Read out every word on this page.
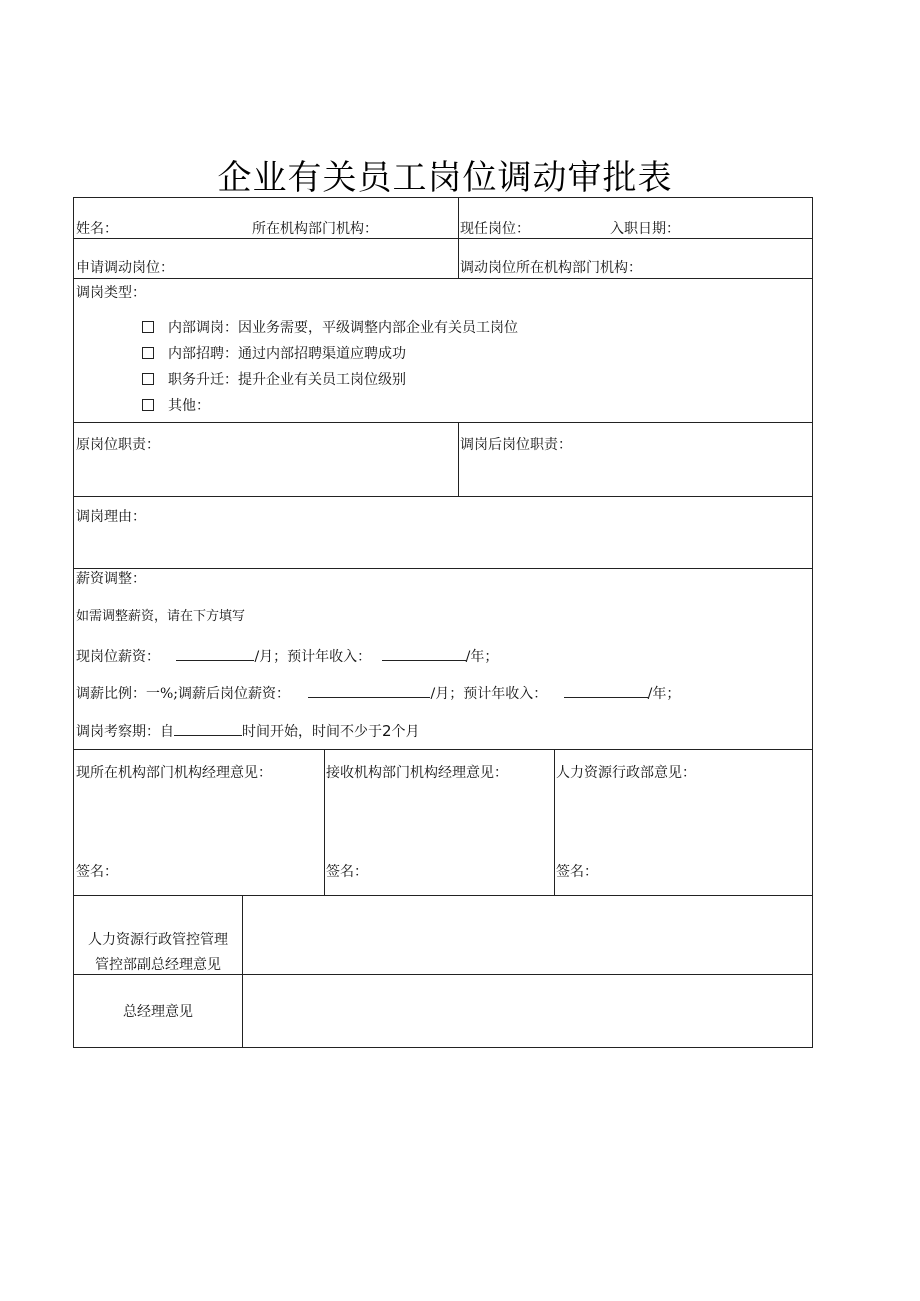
企业有关员工岗位调动审批表
姓名：	所在机构部门机构：	现任岗位：	入职日期：
申请调动岗位：	调动岗位所在机构部门机构：
调岗类型：
内部调岗：因业务需要，平级调整内部企业有关员工岗位
内部招聘：通过内部招聘渠道应聘成功
职务升迁：提升企业有关员工岗位级别
其他：
原岗位职责：	调岗后岗位职责：
调岗理由：
薪资调整：
如需调整薪资，请在下方填写
现岗位薪资：	/月；预计年收入：	/年；
调薪比例：一%;调薪后岗位薪资：	/月；预计年收入：	/年；
调岗考察期：自	时间开始，时间不少于2个月
现所在机构部门机构经理意见：	接收机构部门机构经理意见：	人力资源行政部意见：
签名：	签名：	签名：
人力资源行政管控管理
管控部副总经理意见
总经理意见
